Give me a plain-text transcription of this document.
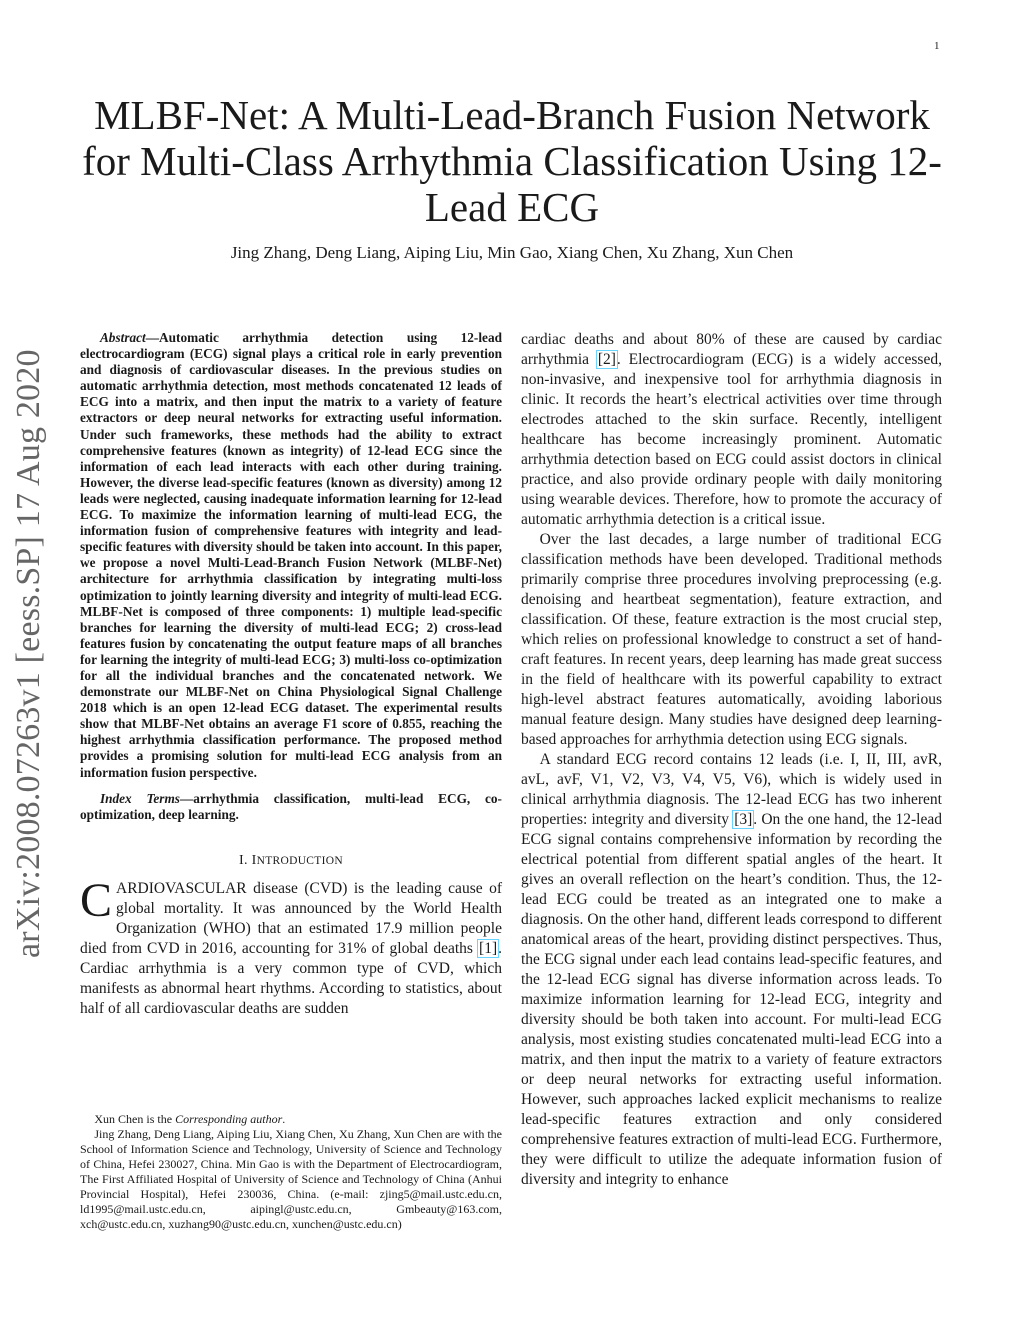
1
arXiv:2008.07263v1 [eess.SP] 17 Aug 2020
MLBF-Net: A Multi-Lead-Branch Fusion Network for Multi-Class Arrhythmia Classification Using 12-Lead ECG
Jing Zhang, Deng Liang, Aiping Liu, Min Gao, Xiang Chen, Xu Zhang, Xun Chen

Abstract—Automatic arrhythmia detection using 12-lead electrocardiogram (ECG) signal plays a critical role in early prevention and diagnosis of cardiovascular diseases. In the previous studies on automatic arrhythmia detection, most methods concatenated 12 leads of ECG into a matrix, and then input the matrix to a variety of feature extractors or deep neural networks for extracting useful information. Under such frameworks, these methods had the ability to extract comprehensive features (known as integrity) of 12-lead ECG since the information of each lead interacts with each other during training. However, the diverse lead-specific features (known as diversity) among 12 leads were neglected, causing inadequate information learning for 12-lead ECG. To maximize the information learning of multi-lead ECG, the information fusion of comprehensive features with integrity and lead-specific features with diversity should be taken into account. In this paper, we propose a novel Multi-Lead-Branch Fusion Network (MLBF-Net) architecture for arrhythmia classification by integrating multi-loss optimization to jointly learning diversity and integrity of multi-lead ECG. MLBF-Net is composed of three components: 1) multiple lead-specific branches for learning the diversity of multi-lead ECG; 2) cross-lead features fusion by concatenating the output feature maps of all branches for learning the integrity of multi-lead ECG; 3) multi-loss co-optimization for all the individual branches and the concatenated network. We demonstrate our MLBF-Net on China Physiological Signal Challenge 2018 which is an open 12-lead ECG dataset. The experimental results show that MLBF-Net obtains an average F1 score of 0.855, reaching the highest arrhythmia classification performance. The proposed method provides a promising solution for multi-lead ECG analysis from an information fusion perspective.

Index Terms—arrhythmia classification, multi-lead ECG, co-optimization, deep learning.

I. INTRODUCTION

CARDIOVASCULAR disease (CVD) is the leading cause of global mortality. It was announced by the World Health Organization (WHO) that an estimated 17.9 million people died from CVD in 2016, accounting for 31% of global deaths [1]. Cardiac arrhythmia is a very common type of CVD, which manifests as abnormal heart rhythms. According to statistics, about half of all cardiovascular deaths are sudden

Xun Chen is the Corresponding author.

Jing Zhang, Deng Liang, Aiping Liu, Xiang Chen, Xu Zhang, Xun Chen are with the School of Information Science and Technology, University of Science and Technology of China, Hefei 230027, China. Min Gao is with the Department of Electrocardiogram, The First Affiliated Hospital of University of Science and Technology of China (Anhui Provincial Hospital), Hefei 230036, China. (e-mail: zjing5@mail.ustc.edu.cn, ld1995@mail.ustc.edu.cn, aipingl@ustc.edu.cn, Gmbeauty@163.com, xch@ustc.edu.cn, xuzhang90@ustc.edu.cn, xunchen@ustc.edu.cn)

cardiac deaths and about 80% of these are caused by cardiac arrhythmia [2]. Electrocardiogram (ECG) is a widely accessed, non-invasive, and inexpensive tool for arrhythmia diagnosis in clinic. It records the heart’s electrical activities over time through electrodes attached to the skin surface. Recently, intelligent healthcare has become increasingly prominent. Automatic arrhythmia detection based on ECG could assist doctors in clinical practice, and also provide ordinary people with daily monitoring using wearable devices. Therefore, how to promote the accuracy of automatic arrhythmia detection is a critical issue.

Over the last decades, a large number of traditional ECG classification methods have been developed. Traditional methods primarily comprise three procedures involving preprocessing (e.g. denoising and heartbeat segmentation), feature extraction, and classification. Of these, feature extraction is the most crucial step, which relies on professional knowledge to construct a set of hand-craft features. In recent years, deep learning has made great success in the field of healthcare with its powerful capability to extract high-level abstract features automatically, avoiding laborious manual feature design. Many studies have designed deep learning-based approaches for arrhythmia detection using ECG signals.

A standard ECG record contains 12 leads (i.e. I, II, III, avR, avL, avF, V1, V2, V3, V4, V5, V6), which is widely used in clinical arrhythmia diagnosis. The 12-lead ECG has two inherent properties: integrity and diversity [3]. On the one hand, the 12-lead ECG signal contains comprehensive information by recording the electrical potential from different spatial angles of the heart. It gives an overall reflection on the heart’s condition. Thus, the 12-lead ECG could be treated as an integrated one to make a diagnosis. On the other hand, different leads correspond to different anatomical areas of the heart, providing distinct perspectives. Thus, the ECG signal under each lead contains lead-specific features, and the 12-lead ECG signal has diverse information across leads. To maximize information learning for 12-lead ECG, integrity and diversity should be both taken into account. For multi-lead ECG analysis, most existing studies concatenated multi-lead ECG into a matrix, and then input the matrix to a variety of feature extractors or deep neural networks for extracting useful information. However, such approaches lacked explicit mechanisms to realize lead-specific features extraction and only considered comprehensive features extraction of multi-lead ECG. Furthermore, they were difficult to utilize the adequate information fusion of diversity and integrity to enhance
